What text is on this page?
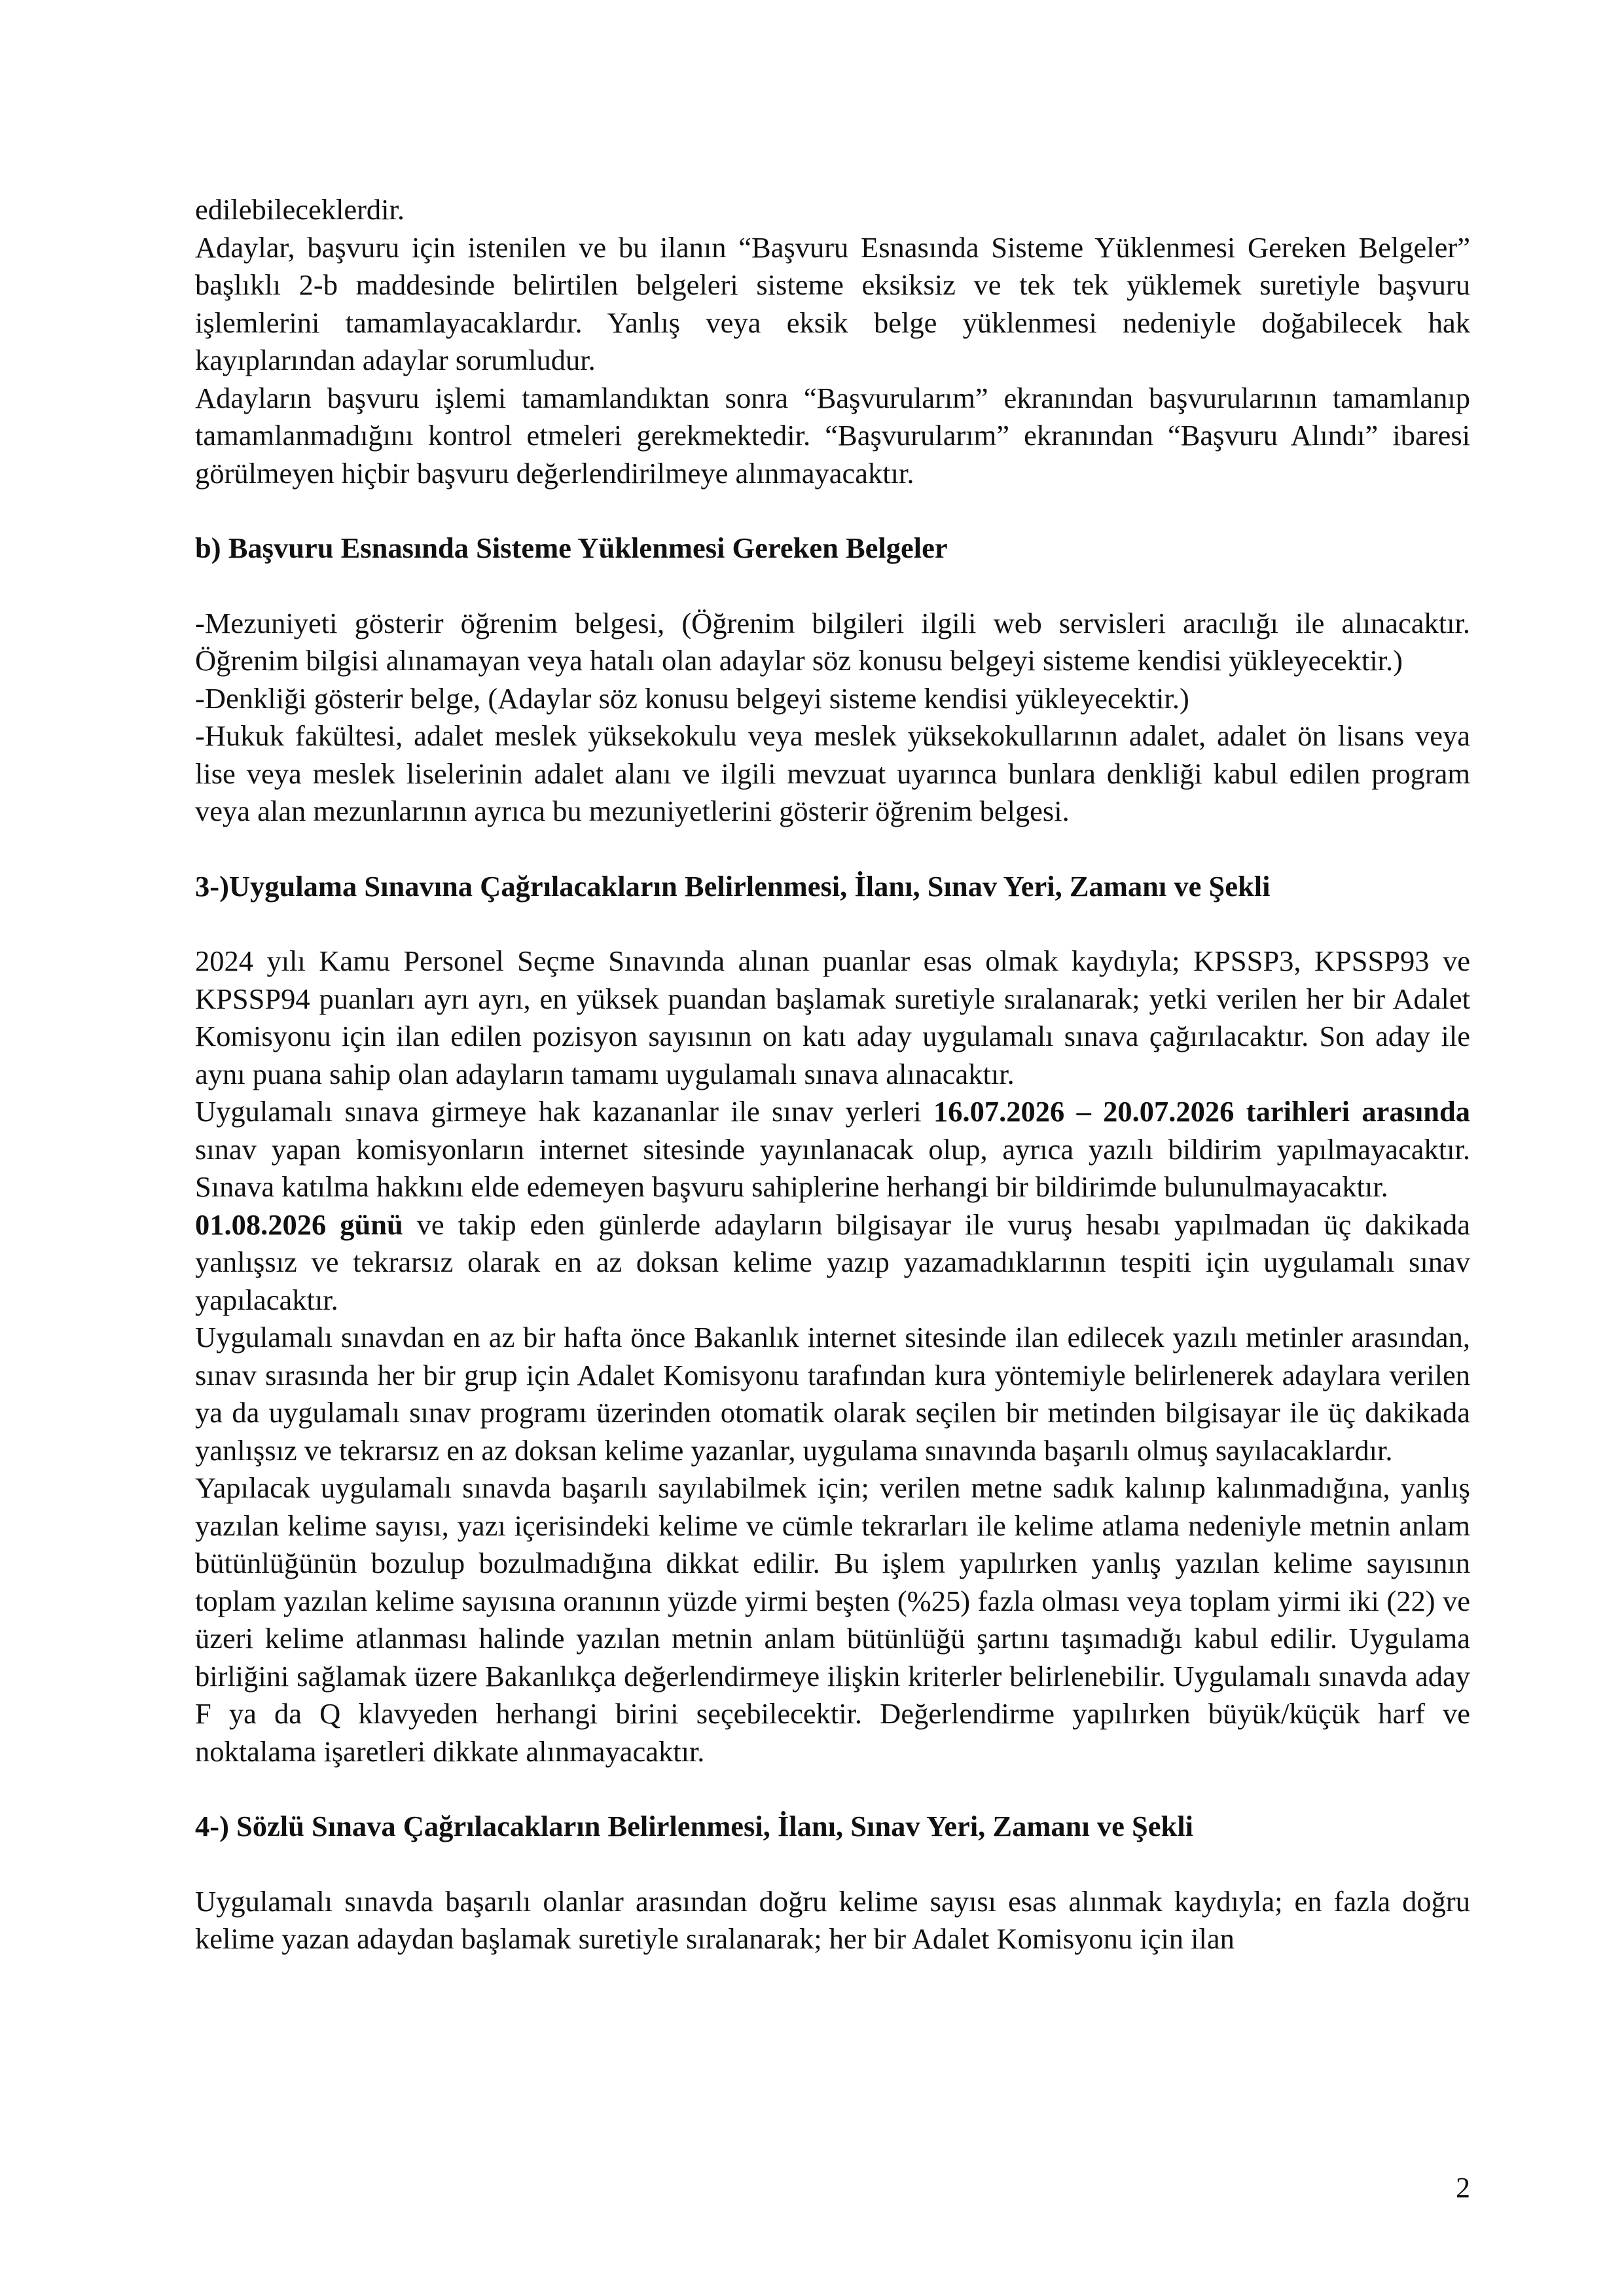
edilebileceklerdir.

Adaylar, başvuru için istenilen ve bu ilanın “Başvuru Esnasında Sisteme Yüklenmesi Gereken Belgeler” başlıklı 2-b maddesinde belirtilen belgeleri sisteme eksiksiz ve tek tek yüklemek suretiyle başvuru işlemlerini tamamlayacaklardır. Yanlış veya eksik belge yüklenmesi nedeniyle doğabilecek hak kayıplarından adaylar sorumludur.

Adayların başvuru işlemi tamamlandıktan sonra “Başvurularım” ekranından başvurularının tamamlanıp tamamlanmadığını kontrol etmeleri gerekmektedir. “Başvurularım” ekranından “Başvuru Alındı” ibaresi görülmeyen hiçbir başvuru değerlendirilmeye alınmayacaktır.

b) Başvuru Esnasında Sisteme Yüklenmesi Gereken Belgeler

-Mezuniyeti gösterir öğrenim belgesi, (Öğrenim bilgileri ilgili web servisleri aracılığı ile alınacaktır. Öğrenim bilgisi alınamayan veya hatalı olan adaylar söz konusu belgeyi sisteme kendisi yükleyecektir.)

-Denkliği gösterir belge, (Adaylar söz konusu belgeyi sisteme kendisi yükleyecektir.)

-Hukuk fakültesi, adalet meslek yüksekokulu veya meslek yüksekokullarının adalet, adalet ön lisans veya lise veya meslek liselerinin adalet alanı ve ilgili mevzuat uyarınca bunlara denkliği kabul edilen program veya alan mezunlarının ayrıca bu mezuniyetlerini gösterir öğrenim belgesi.

3-)Uygulama Sınavına Çağrılacakların Belirlenmesi, İlanı, Sınav Yeri, Zamanı ve Şekli

2024 yılı Kamu Personel Seçme Sınavında alınan puanlar esas olmak kaydıyla; KPSSP3, KPSSP93 ve KPSSP94 puanları ayrı ayrı, en yüksek puandan başlamak suretiyle sıralanarak; yetki verilen her bir Adalet Komisyonu için ilan edilen pozisyon sayısının on katı aday uygulamalı sınava çağırılacaktır. Son aday ile aynı puana sahip olan adayların tamamı uygulamalı sınava alınacaktır.

Uygulamalı sınava girmeye hak kazananlar ile sınav yerleri 16.07.2026 – 20.07.2026 tarihleri arasında sınav yapan komisyonların internet sitesinde yayınlanacak olup, ayrıca yazılı bildirim yapılmayacaktır. Sınava katılma hakkını elde edemeyen başvuru sahiplerine herhangi bir bildirimde bulunulmayacaktır.

01.08.2026 günü ve takip eden günlerde adayların bilgisayar ile vuruş hesabı yapılmadan üç dakikada yanlışsız ve tekrarsız olarak en az doksan kelime yazıp yazamadıklarının tespiti için uygulamalı sınav yapılacaktır.

Uygulamalı sınavdan en az bir hafta önce Bakanlık internet sitesinde ilan edilecek yazılı metinler arasından, sınav sırasında her bir grup için Adalet Komisyonu tarafından kura yöntemiyle belirlenerek adaylara verilen ya da uygulamalı sınav programı üzerinden otomatik olarak seçilen bir metinden bilgisayar ile üç dakikada yanlışsız ve tekrarsız en az doksan kelime yazanlar, uygulama sınavında başarılı olmuş sayılacaklardır.

Yapılacak uygulamalı sınavda başarılı sayılabilmek için; verilen metne sadık kalınıp kalınmadığına, yanlış yazılan kelime sayısı, yazı içerisindeki kelime ve cümle tekrarları ile kelime atlama nedeniyle metnin anlam bütünlüğünün bozulup bozulmadığına dikkat edilir. Bu işlem yapılırken yanlış yazılan kelime sayısının toplam yazılan kelime sayısına oranının yüzde yirmi beşten (%25) fazla olması veya toplam yirmi iki (22) ve üzeri kelime atlanması halinde yazılan metnin anlam bütünlüğü şartını taşımadığı kabul edilir. Uygulama birliğini sağlamak üzere Bakanlıkça değerlendirmeye ilişkin kriterler belirlenebilir. Uygulamalı sınavda aday F ya da Q klavyeden herhangi birini seçebilecektir. Değerlendirme yapılırken büyük/küçük harf ve noktalama işaretleri dikkate alınmayacaktır.

4-) Sözlü Sınava Çağrılacakların Belirlenmesi, İlanı, Sınav Yeri, Zamanı ve Şekli

Uygulamalı sınavda başarılı olanlar arasından doğru kelime sayısı esas alınmak kaydıyla; en fazla doğru kelime yazan adaydan başlamak suretiyle sıralanarak; her bir Adalet Komisyonu için ilan

2
